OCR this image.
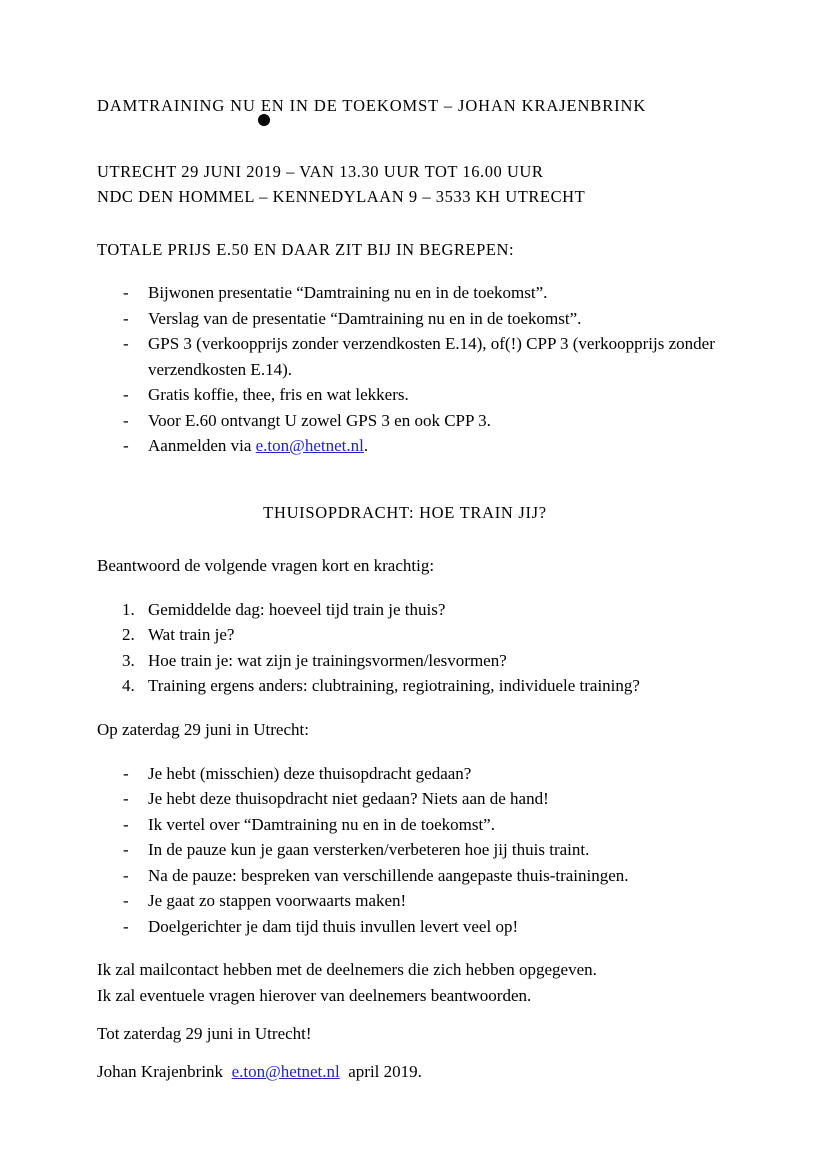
DAMTRAINING NU EN IN DE TOEKOMST – JOHAN KRAJENBRINK

UTRECHT 29 JUNI 2019 – VAN 13.30 UUR TOT 16.00 UUR

NDC DEN HOMMEL – KENNEDYLAAN 9 – 3533 KH UTRECHT

TOTALE PRIJS E.50 EN DAAR ZIT BIJ IN BEGREPEN:

-	Bijwonen presentatie “Damtraining nu en in de toekomst”.
-	Verslag van de presentatie “Damtraining nu en in de toekomst”.
-	GPS 3 (verkoopprijs zonder verzendkosten E.14), of(!) CPP 3 (verkoopprijs zonder verzendkosten E.14).
-	Gratis koffie, thee, fris en wat lekkers.
-	Voor E.60 ontvangt U zowel GPS 3 en ook CPP 3.
-	Aanmelden via e.ton@hetnet.nl.

THUISOPDRACHT: HOE TRAIN JIJ?

Beantwoord de volgende vragen kort en krachtig:

1. Gemiddelde dag: hoeveel tijd train je thuis?
2. Wat train je?
3. Hoe train je: wat zijn je trainingsvormen/lesvormen?
4. Training ergens anders: clubtraining, regiotraining, individuele training?

Op zaterdag 29 juni in Utrecht:

-	Je hebt (misschien) deze thuisopdracht gedaan?
-	Je hebt deze thuisopdracht niet gedaan? Niets aan de hand!
-	Ik vertel over “Damtraining nu en in de toekomst”.
-	In de pauze kun je gaan versterken/verbeteren hoe jij thuis traint.
-	Na de pauze: bespreken van verschillende aangepaste thuis-trainingen.
-	Je gaat zo stappen voorwaarts maken!
-	Doelgerichter je dam tijd thuis invullen levert veel op!

Ik zal mailcontact hebben met de deelnemers die zich hebben opgegeven.

Ik zal eventuele vragen hierover van deelnemers beantwoorden.

Tot zaterdag 29 juni in Utrecht!

Johan Krajenbrink e.ton@hetnet.nl april 2019.
